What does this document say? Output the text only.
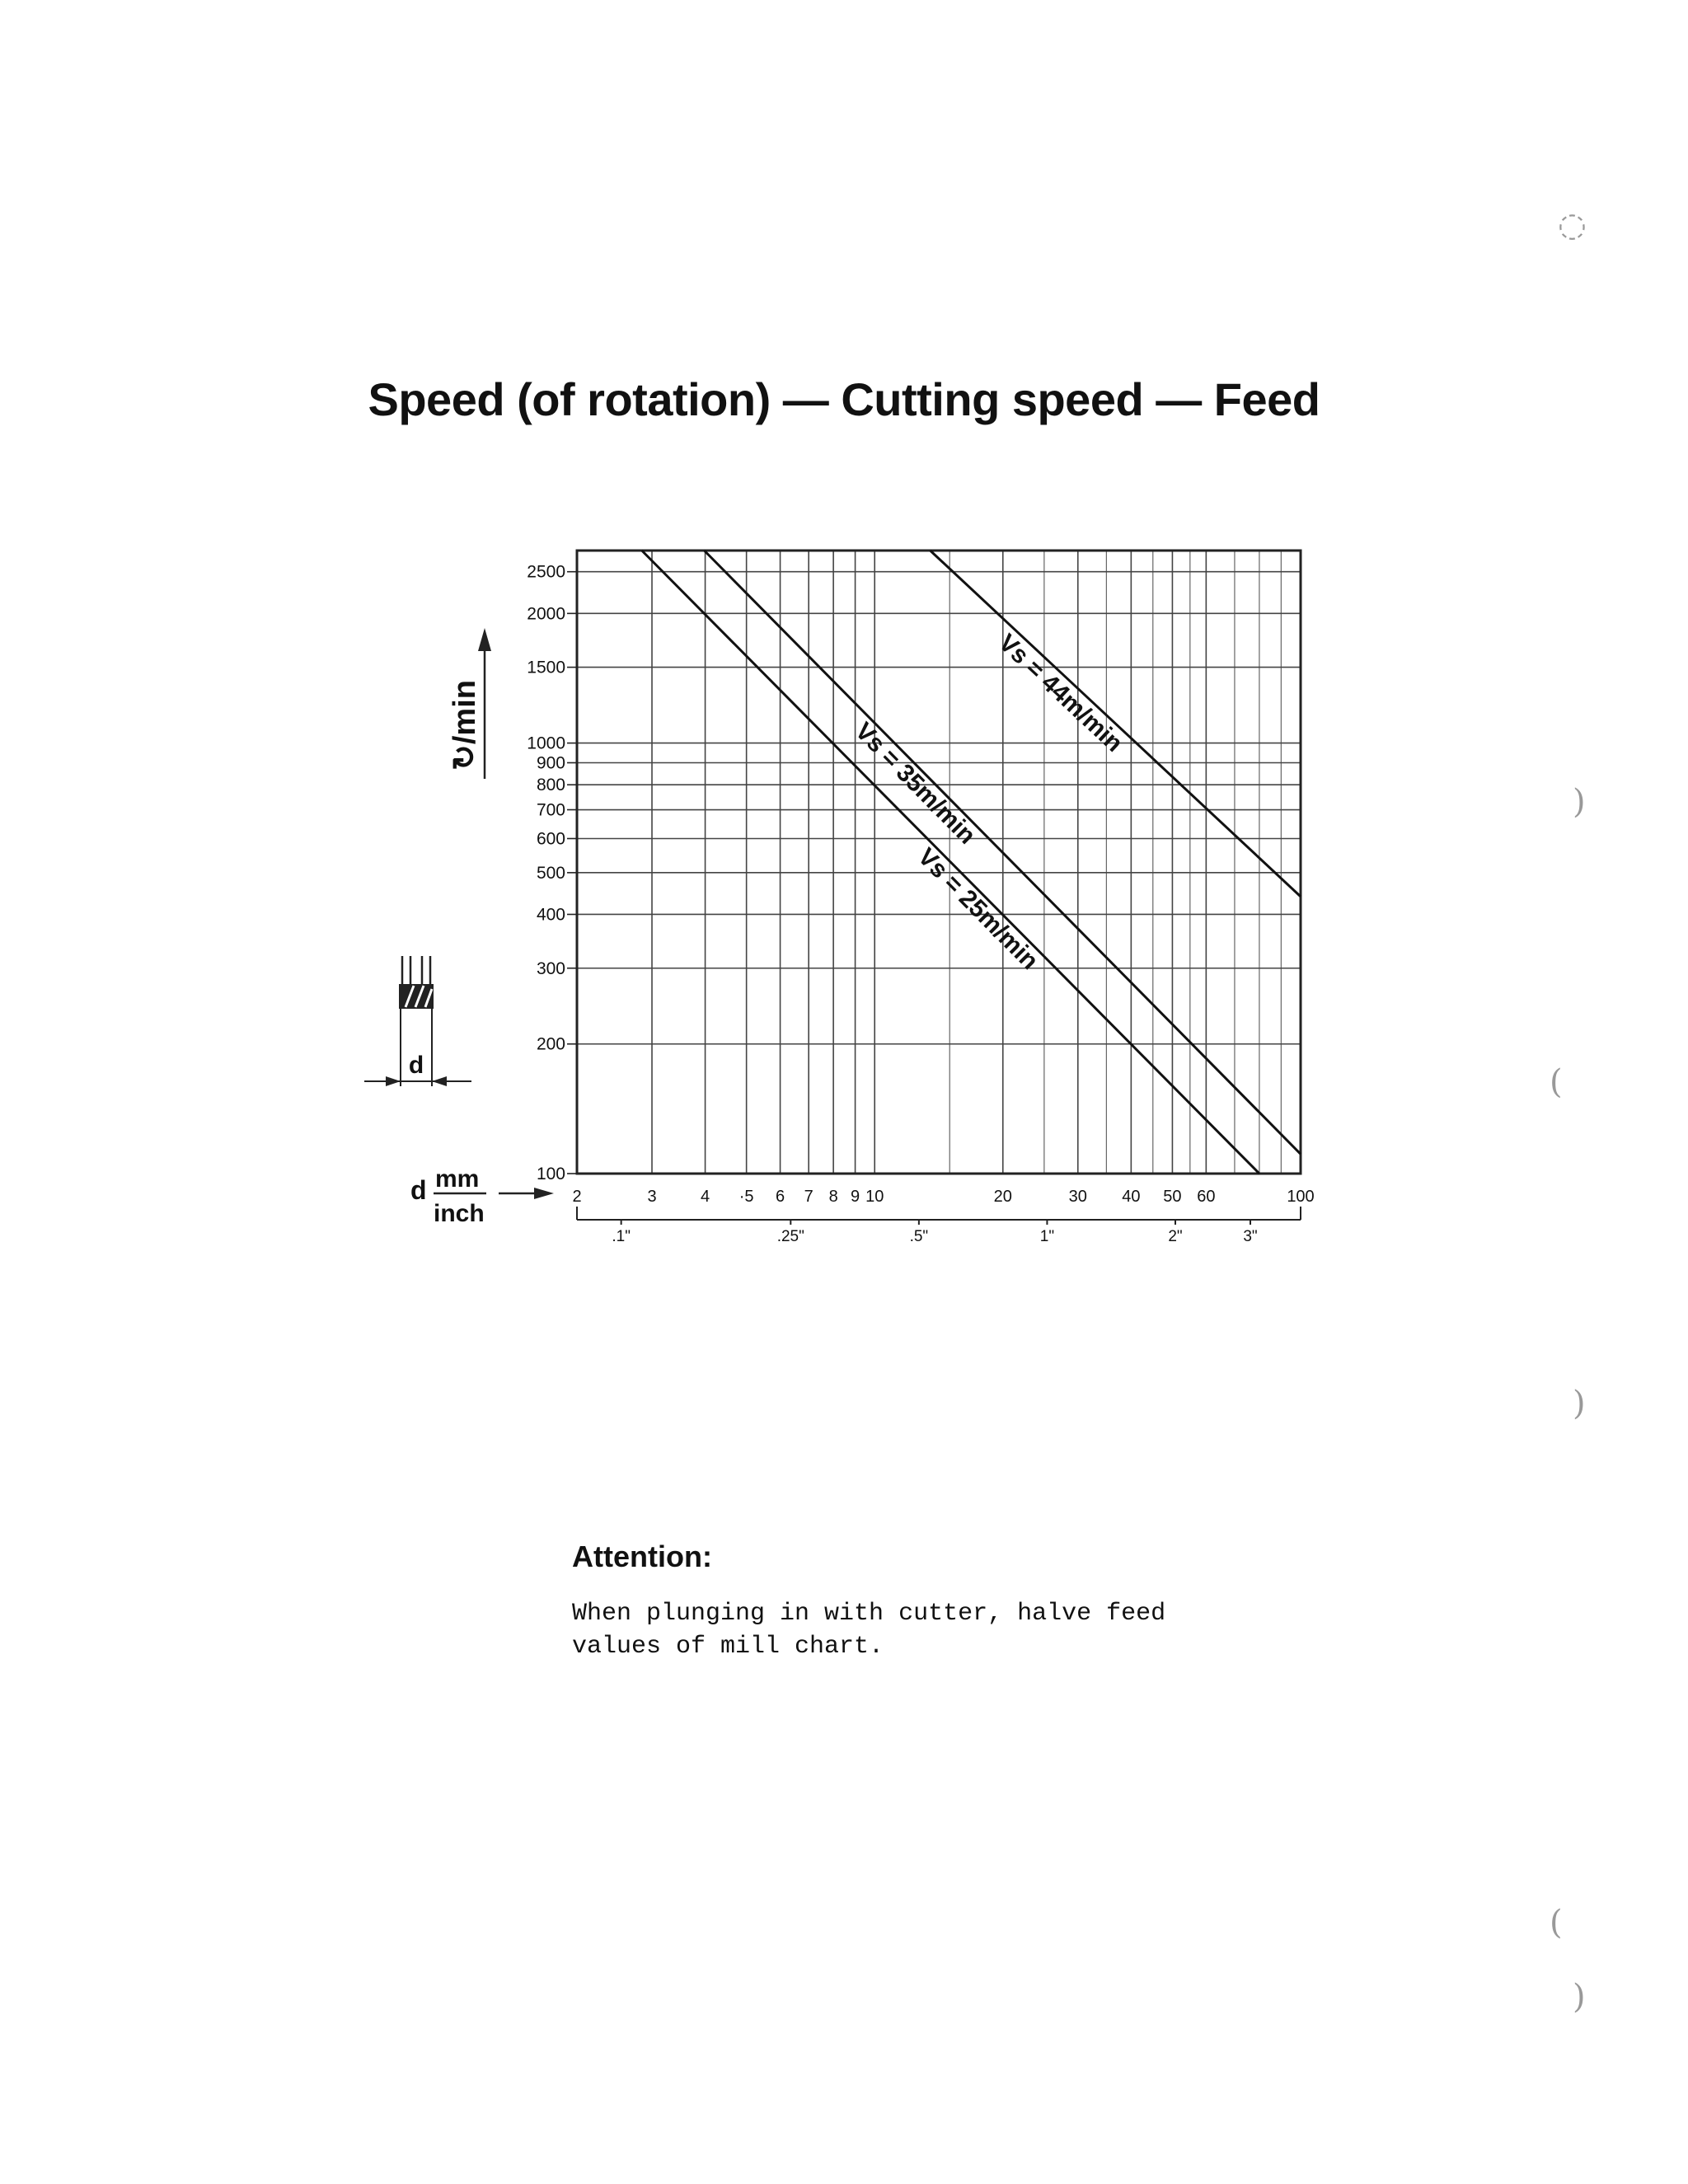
Speed (of rotation) — Cutting speed — Feed
Vs = 25m/min
Vs = 35m/min
Vs = 44m/min
2	3	4 ·5 6 7 8 9 10	20	30 40 50 60	100
100
200
300
400
500
600
700
800
900
1000
1500
2000
2500
.1"	.25"	.5"	1"	2"	3"
↻/min
d mm
inch
d
Attention:

When plunging in with cutter, halve feed
values of mill chart.

◌
)
(
)
(
)
